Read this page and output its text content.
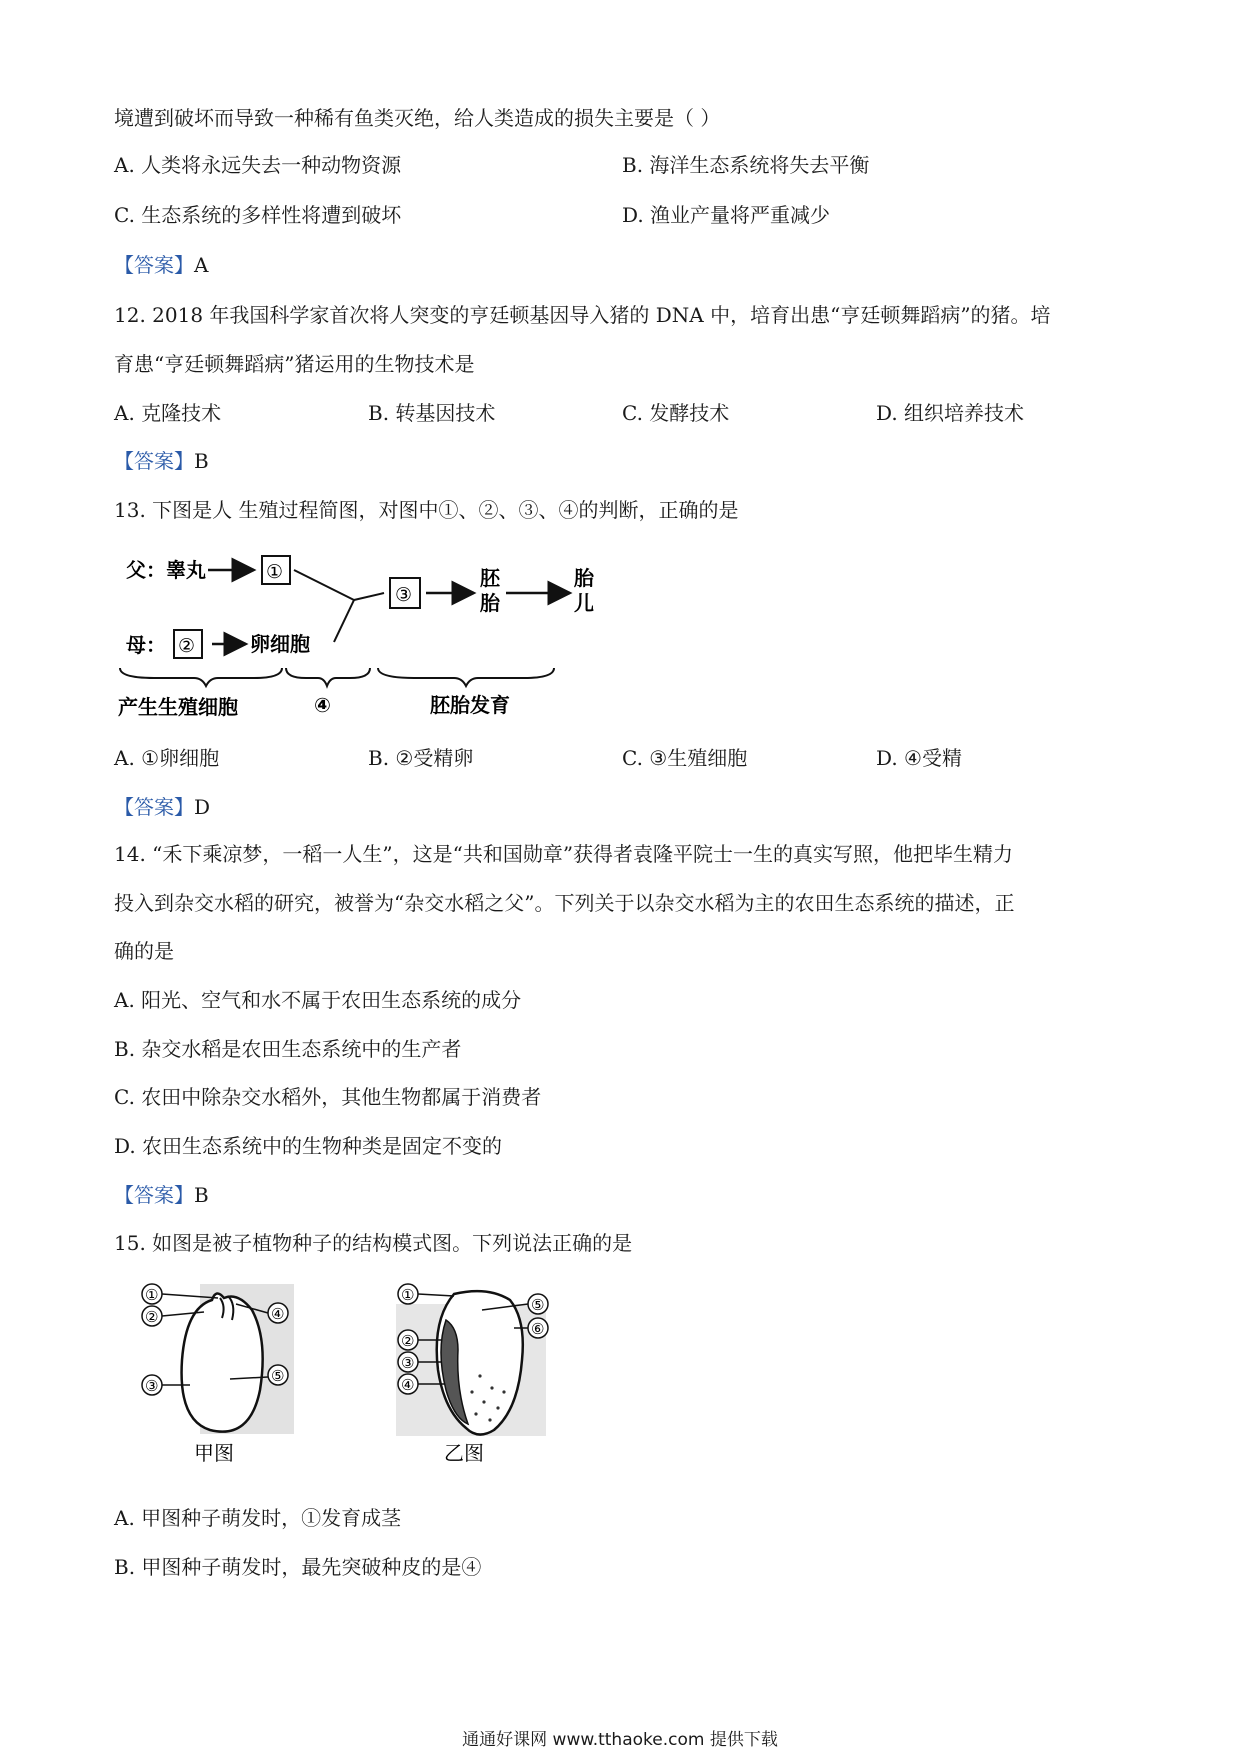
境遭到破坏而导致一种稀有鱼类灭绝，给人类造成的损失主要是（ ）
A. 人类将永远失去一种动物资源	B. 海洋生态系统将失去平衡
C. 生态系统的多样性将遭到破坏	D. 渔业产量将严重减少
【答案】A
12. 2018 年我国科学家首次将人突变的亨廷顿基因导入猪的 DNA 中，培育出患“亨廷顿舞蹈病”的猪。培
育患“亨廷顿舞蹈病”猪运用的生物技术是
A. 克隆技术	B. 转基因技术	C. 发酵技术	D. 组织培养技术
【答案】B
13. 下图是人 生殖过程简图，对图中①、②、③、④的判断，正确的是
父：睾丸	①
③
胚
胎
胎
儿
母： ②	卵细胞
产生生殖细胞	④	胚胎发育
A. ①卵细胞	B. ②受精卵	C. ③生殖细胞	D. ④受精
【答案】D
14. “禾下乘凉梦，一稻一人生”，这是“共和国勋章”获得者袁隆平院士一生的真实写照，他把毕生精力
投入到杂交水稻的研究，被誉为“杂交水稻之父”。下列关于以杂交水稻为主的农田生态系统的描述，正
确的是
A. 阳光、空气和水不属于农田生态系统的成分
B. 杂交水稻是农田生态系统中的生产者
C. 农田中除杂交水稻外，其他生物都属于消费者
D. 农田生态系统中的生物种类是固定不变的
【答案】B
15. 如图是被子植物种子的结构模式图。下列说法正确的是
①
②
③
④
⑤
甲图
①
②
③
④
⑤
⑥
乙图
A. 甲图种子萌发时，①发育成茎
B. 甲图种子萌发时，最先突破种皮的是④
通通好课网 www.tthaoke.com 提供下载
